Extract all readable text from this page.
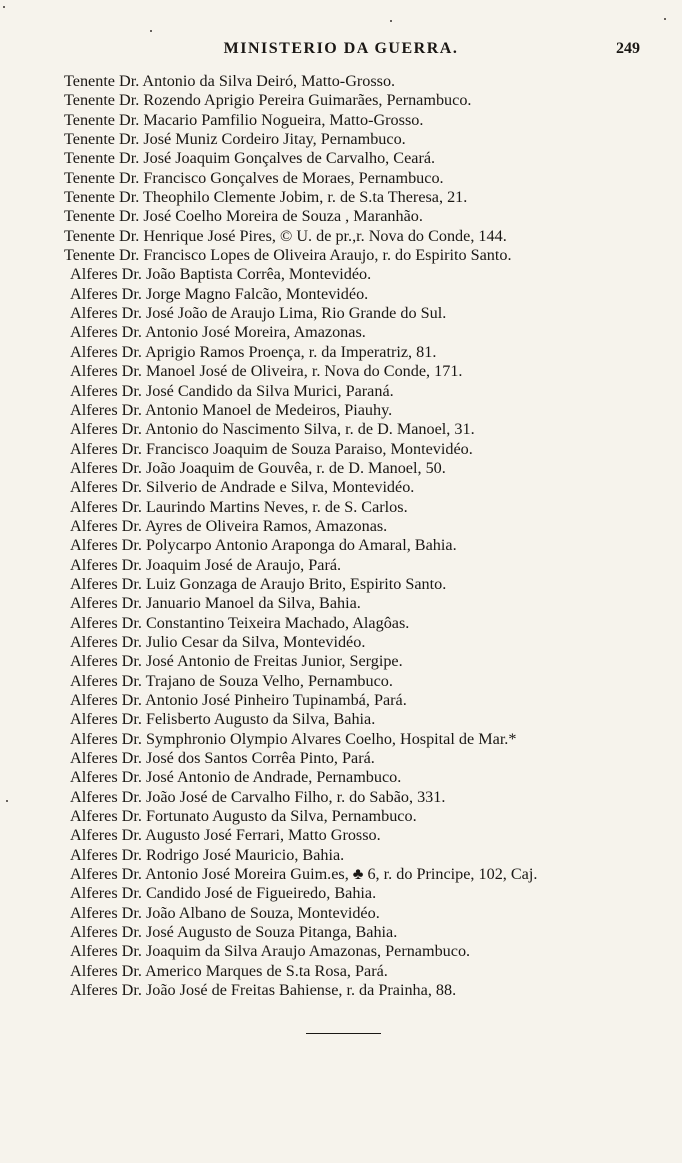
MINISTERIO DA GUERRA.	249
Tenente Dr. Antonio da Silva Deiró, Matto-Grosso.
Tenente Dr. Rozendo Aprigio Pereira Guimarães, Pernambuco.
Tenente Dr. Macario Pamfilio Nogueira, Matto-Grosso.
Tenente Dr. José Muniz Cordeiro Jitay, Pernambuco.
Tenente Dr. José Joaquim Gonçalves de Carvalho, Ceará.
Tenente Dr. Francisco Gonçalves de Moraes, Pernambuco.
Tenente Dr. Theophilo Clemente Jobim, r. de S.ta Theresa, 21.
Tenente Dr. José Coelho Moreira de Souza , Maranhão.
Tenente Dr. Henrique José Pires, © U. de pr.,r. Nova do Conde, 144.
Tenente Dr. Francisco Lopes de Oliveira Araujo, r. do Espirito Santo.
Alferes Dr. João Baptista Corrêa, Montevidéo.
Alferes Dr. Jorge Magno Falcão, Montevidéo.
Alferes Dr. José João de Araujo Lima, Rio Grande do Sul.
Alferes Dr. Antonio José Moreira, Amazonas.
Alferes Dr. Aprigio Ramos Proença, r. da Imperatriz, 81.
Alferes Dr. Manoel José de Oliveira, r. Nova do Conde, 171.
Alferes Dr. José Candido da Silva Murici, Paraná.
Alferes Dr. Antonio Manoel de Medeiros, Piauhy.
Alferes Dr. Antonio do Nascimento Silva, r. de D. Manoel, 31.
Alferes Dr. Francisco Joaquim de Souza Paraiso, Montevidéo.
Alferes Dr. João Joaquim de Gouvêa, r. de D. Manoel, 50.
Alferes Dr. Silverio de Andrade e Silva, Montevidéo.
Alferes Dr. Laurindo Martins Neves, r. de S. Carlos.
Alferes Dr. Ayres de Oliveira Ramos, Amazonas.
Alferes Dr. Polycarpo Antonio Araponga do Amaral, Bahia.
Alferes Dr. Joaquim José de Araujo, Pará.
Alferes Dr. Luiz Gonzaga de Araujo Brito, Espirito Santo.
Alferes Dr. Januario Manoel da Silva, Bahia.
Alferes Dr. Constantino Teixeira Machado, Alagôas.
Alferes Dr. Julio Cesar da Silva, Montevidéo.
Alferes Dr. José Antonio de Freitas Junior, Sergipe.
Alferes Dr. Trajano de Souza Velho, Pernambuco.
Alferes Dr. Antonio José Pinheiro Tupinambá, Pará.
Alferes Dr. Felisberto Augusto da Silva, Bahia.
Alferes Dr. Symphronio Olympio Alvares Coelho, Hospital de Mar.*
Alferes Dr. José dos Santos Corrêa Pinto, Pará.
Alferes Dr. José Antonio de Andrade, Pernambuco.
Alferes Dr. João José de Carvalho Filho, r. do Sabão, 331.
Alferes Dr. Fortunato Augusto da Silva, Pernambuco.
Alferes Dr. Augusto José Ferrari, Matto Grosso.
Alferes Dr. Rodrigo José Mauricio, Bahia.
Alferes Dr. Antonio José Moreira Guim.es, ♣ 6, r. do Principe, 102, Caj.
Alferes Dr. Candido José de Figueiredo, Bahia.
Alferes Dr. João Albano de Souza, Montevidéo.
Alferes Dr. José Augusto de Souza Pitanga, Bahia.
Alferes Dr. Joaquim da Silva Araujo Amazonas, Pernambuco.
Alferes Dr. Americo Marques de S.ta Rosa, Pará.
Alferes Dr. João José de Freitas Bahiense, r. da Prainha, 88.
